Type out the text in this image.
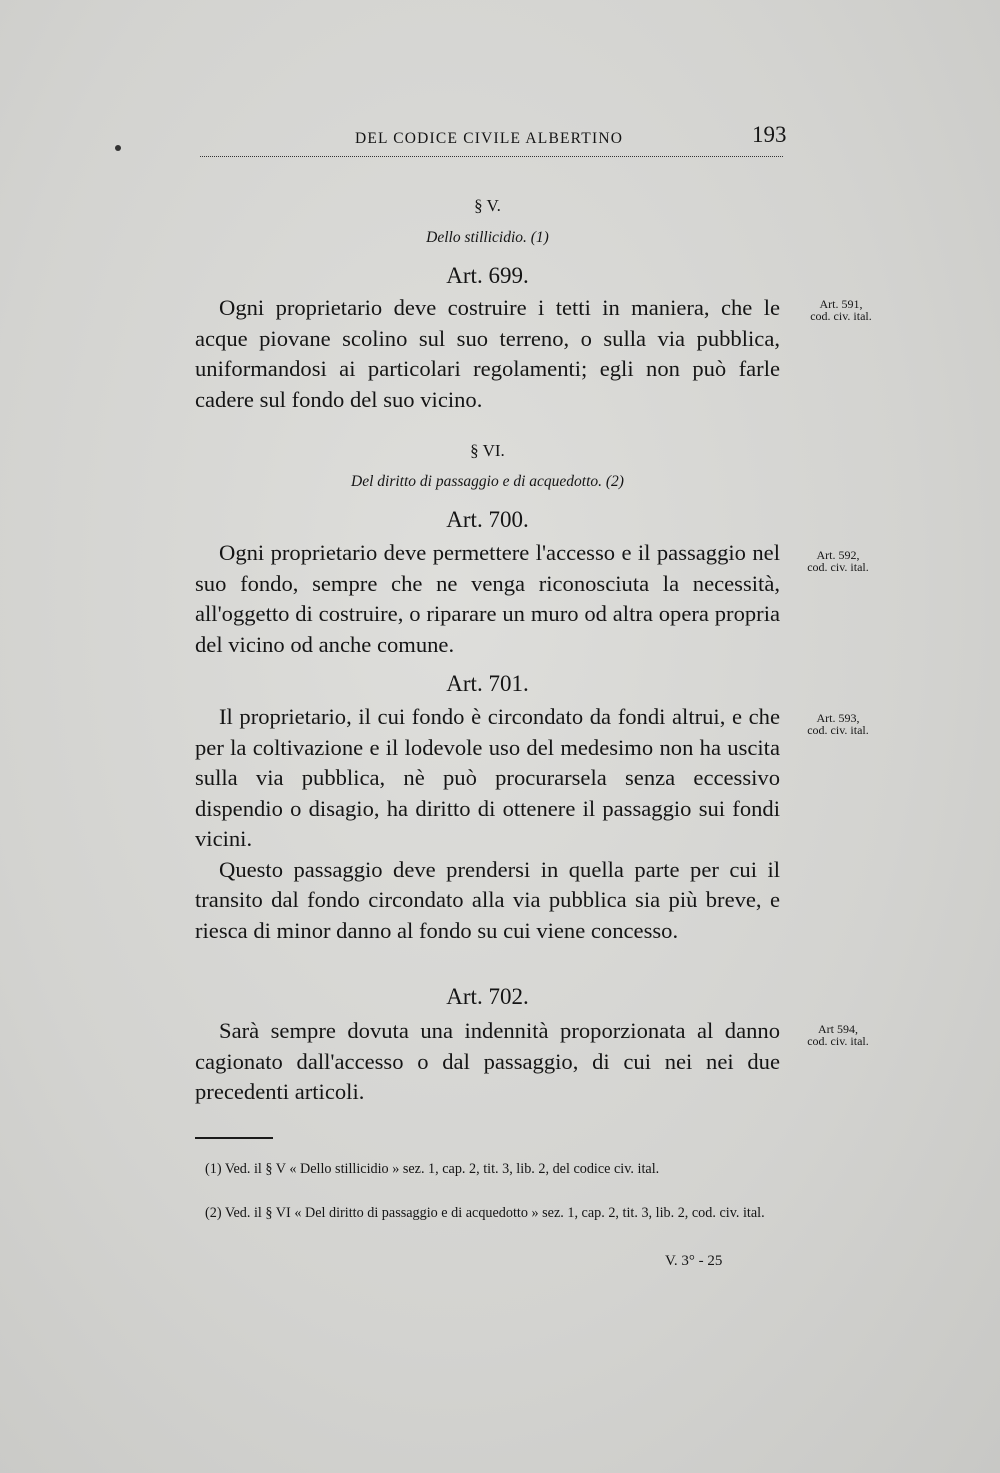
DEL CODICE CIVILE ALBERTINO	193
§ V.
Dello stillicidio. (1)
Art. 699.
Ogni proprietario deve costruire i tetti in maniera, che le acque piovane scolino sul suo terreno, o sulla via pubblica, uniformandosi ai particolari regolamenti; egli non può farle cadere sul fondo del suo vicino.
Art. 591,
cod. civ. ital.
§ VI.
Del diritto di passaggio e di acquedotto. (2)
Art. 700.
Ogni proprietario deve permettere l'accesso e il passaggio nel suo fondo, sempre che ne venga riconosciuta la necessità, all'oggetto di costruire, o riparare un muro od altra opera propria del vicino od anche comune.
Art. 592,
cod. civ. ital.
Art. 701.
Il proprietario, il cui fondo è circondato da fondi altrui, e che per la coltivazione e il lodevole uso del medesimo non ha uscita sulla via pubblica, nè può procurarsela senza eccessivo dispendio o disagio, ha diritto di ottenere il passaggio sui fondi vicini.
Questo passaggio deve prendersi in quella parte per cui il transito dal fondo circondato alla via pubblica sia più breve, e riesca di minor danno al fondo su cui viene concesso.
Art. 593,
cod. civ. ital.
Art. 702.
Sarà sempre dovuta una indennità proporzionata al danno cagionato dall'accesso o dal passaggio, di cui nei nei due precedenti articoli.
Art 594,
cod. civ. ital.
(1) Ved. il § V « Dello stillicidio » sez. 1, cap. 2, tit. 3, lib. 2, del codice civ. ital.
(2) Ved. il § VI « Del diritto di passaggio e di acquedotto » sez. 1, cap. 2, tit. 3, lib. 2, cod. civ. ital.
V. 3° - 25
